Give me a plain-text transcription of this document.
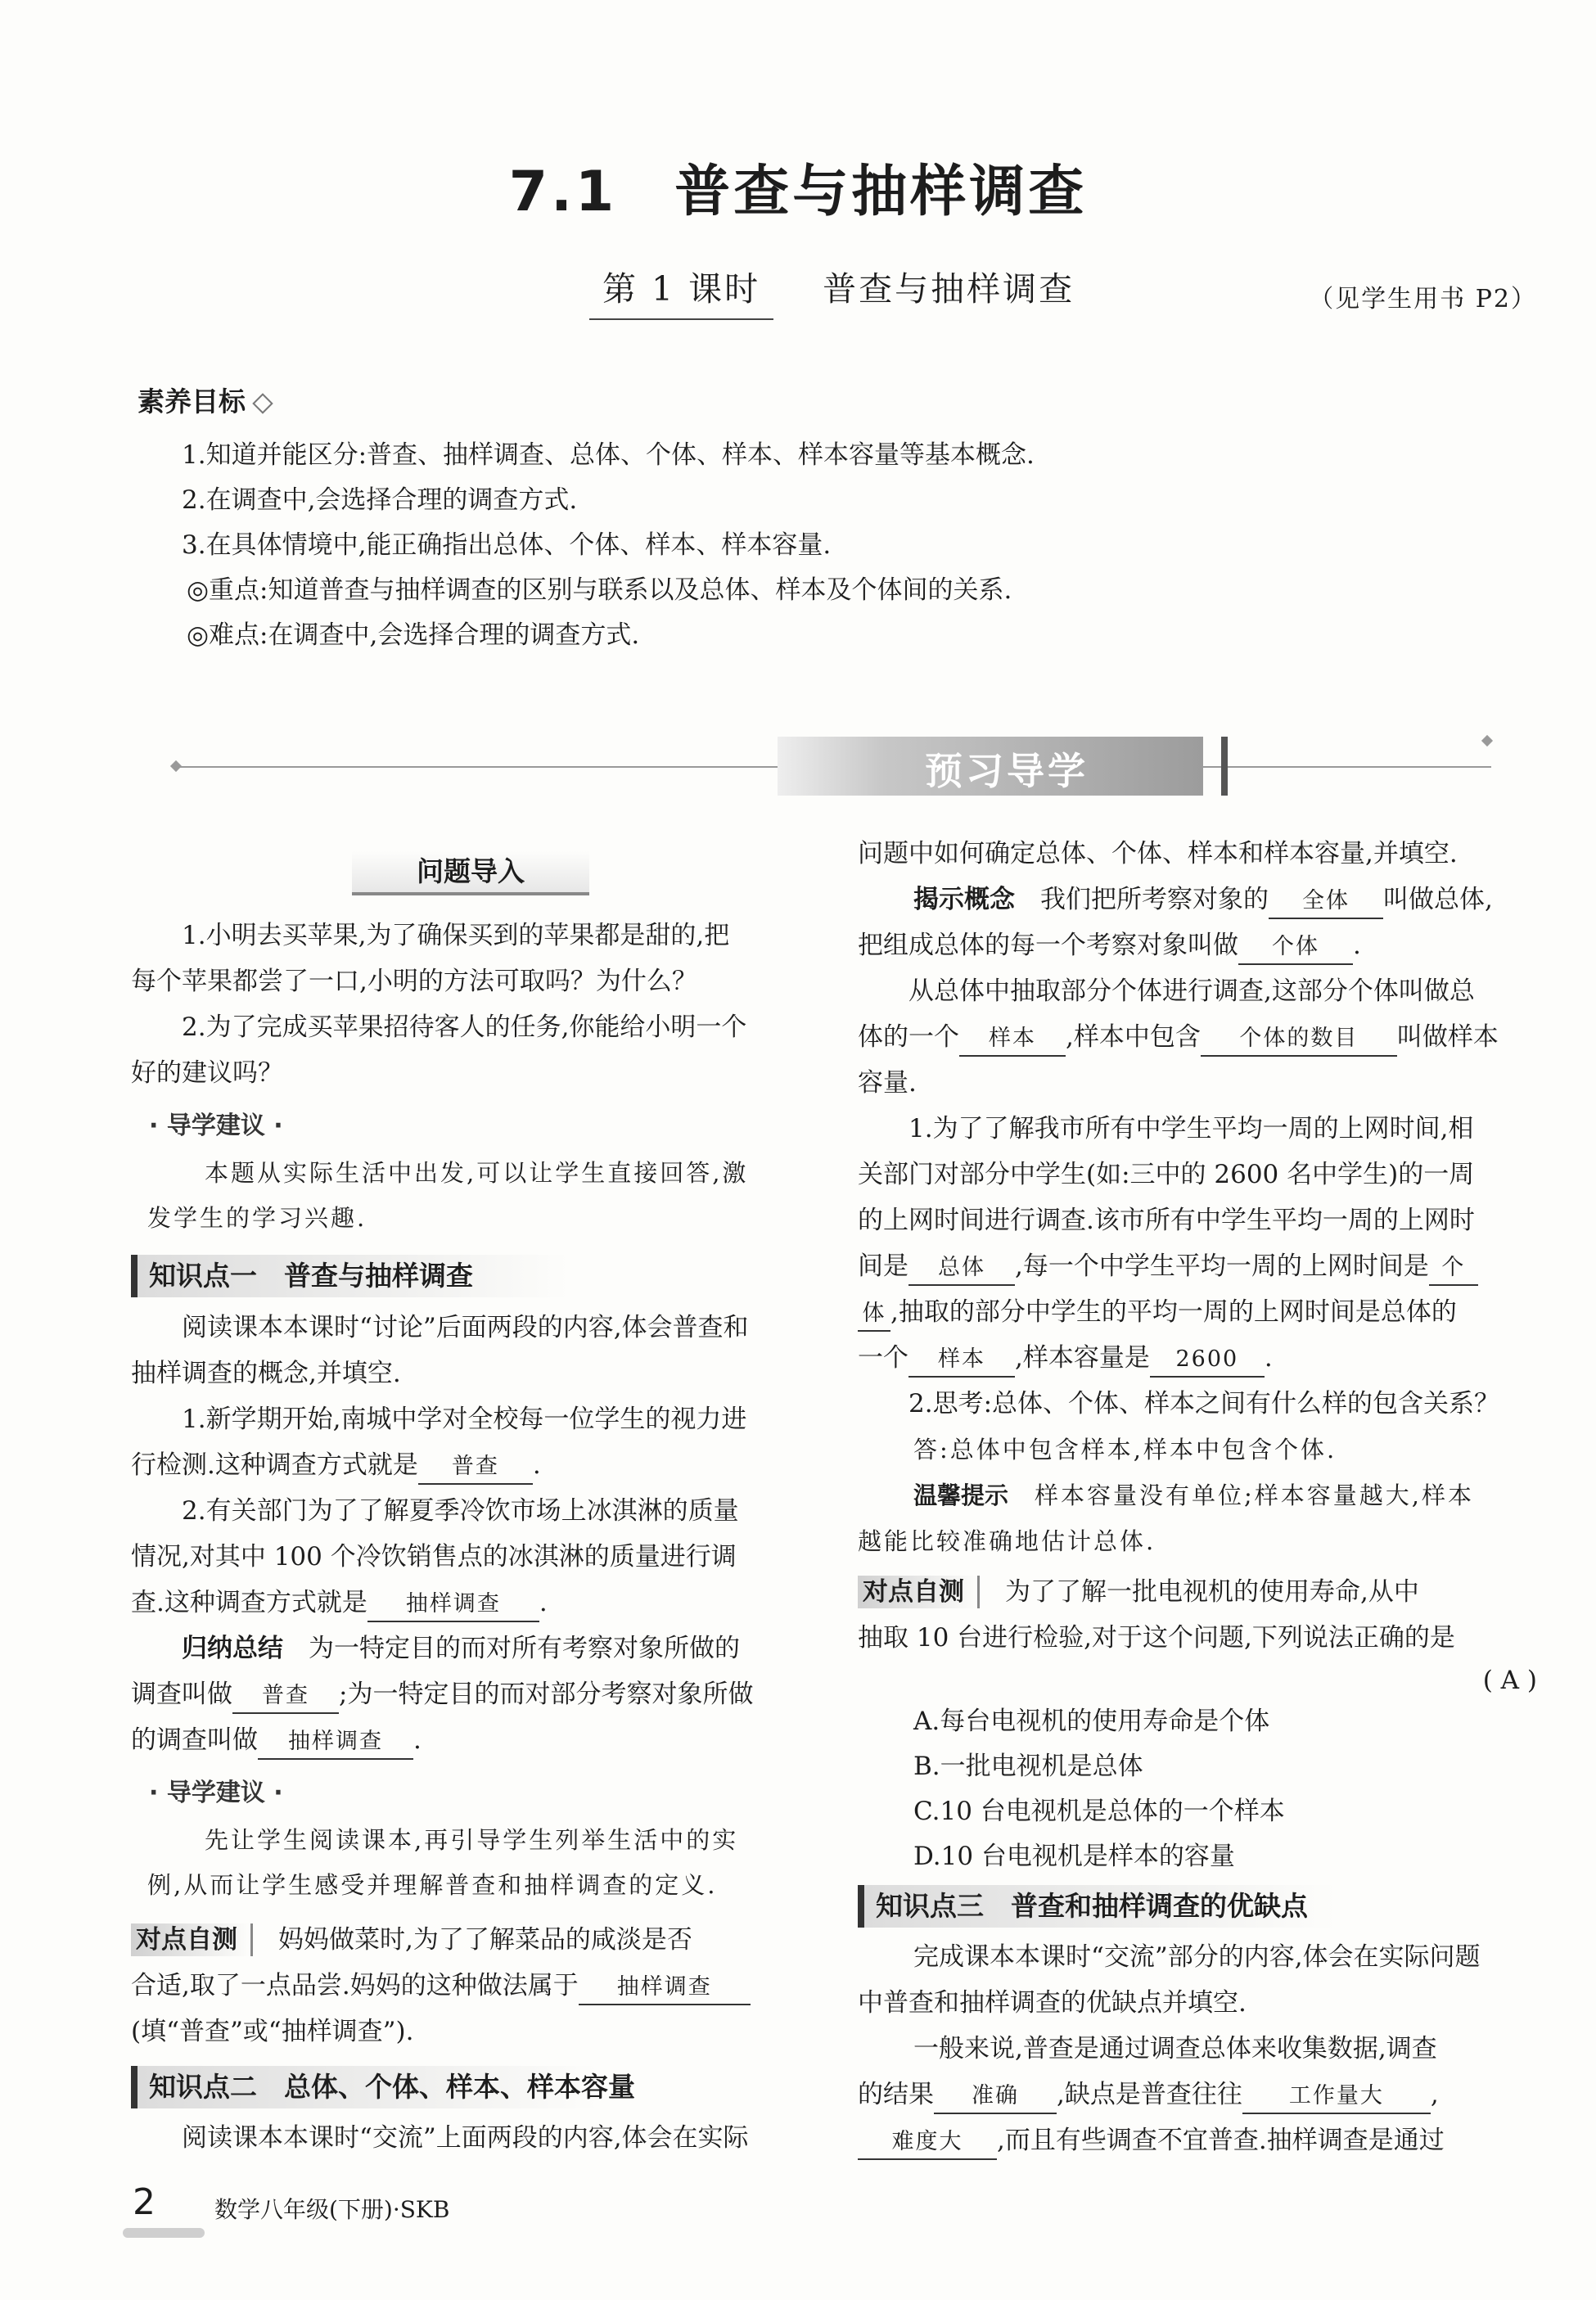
7.1 普查与抽样调查
第 1 课时 普查与抽样调查	（见学生用书 P2）
素养目标
1.知道并能区分:普查、抽样调查、总体、个体、样本、样本容量等基本概念.
2.在调查中,会选择合理的调查方式.
3.在具体情境中,能正确指出总体、个体、样本、样本容量.
◎重点:知道普查与抽样调查的区别与联系以及总体、样本及个体间的关系.
◎难点:在调查中,会选择合理的调查方式.
预习导学
问题导入
1.小明去买苹果,为了确保买到的苹果都是甜的,把
每个苹果都尝了一口,小明的方法可取吗？为什么？
2.为了完成买苹果招待客人的任务,你能给小明一个
好的建议吗？
· 导学建议 ·
本题从实际生活中出发,可以让学生直接回答,激
发学生的学习兴趣.
知识点一　普查与抽样调查
阅读课本本课时“讨论”后面两段的内容,体会普查和
抽样调查的概念,并填空.
1.新学期开始,南城中学对全校每一位学生的视力进
行检测.这种调查方式就是 普查 .
2.有关部门为了了解夏季冷饮市场上冰淇淋的质量
情况,对其中 100 个冷饮销售点的冰淇淋的质量进行调
查.这种调查方式就是 抽样调查 .
归纳总结　 为一特定目的而对所有考察对象所做的
调查叫做 普查 ;为一特定目的而对部分考察对象所做
的调查叫做 抽样调查 .
· 导学建议 ·
先让学生阅读课本,再引导学生列举生活中的实
例,从而让学生感受并理解普查和抽样调查的定义.
对点自测　 妈妈做菜时,为了了解菜品的咸淡是否
合适,取了一点品尝.妈妈的这种做法属于 抽样调查
(填“普查”或“抽样调查”).
知识点二　总体、个体、样本、样本容量
阅读课本本课时“交流”上面两段的内容,体会在实际
问题中如何确定总体、个体、样本和样本容量,并填空.
揭示概念　 我们把所考察对象的 全体 叫做总体,
把组成总体的每一个考察对象叫做 个体 .
从总体中抽取部分个体进行调查,这部分个体叫做总
体的一个 样本 ,样本中包含 个体的数目 叫做样本
容量.
1.为了了解我市所有中学生平均一周的上网时间,相
关部门对部分中学生(如:三中的 2600 名中学生)的一周
的上网时间进行调查.该市所有中学生平均一周的上网时
间是 总体 ,每一个中学生平均一周的上网时间是 个
体 ,抽取的部分中学生的平均一周的上网时间是总体的
一个 样本 ,样本容量是 2600 .
2.思考:总体、个体、样本之间有什么样的包含关系？
答:总体中包含样本,样本中包含个体.
温馨提示　 样本容量没有单位;样本容量越大,样本
越能比较准确地估计总体.
对点自测　 为了了解一批电视机的使用寿命,从中
抽取 10 台进行检验,对于这个问题,下列说法正确的是
( A )
A.每台电视机的使用寿命是个体
B.一批电视机是总体
C.10 台电视机是总体的一个样本
D.10 台电视机是样本的容量
知识点三　普查和抽样调查的优缺点
完成课本本课时“交流”部分的内容,体会在实际问题
中普查和抽样调查的优缺点并填空.
一般来说,普查是通过调查总体来收集数据,调查
的结果 准确 ,缺点是普查往往 工作量大 ,
难度大 ,而且有些调查不宜普查.抽样调查是通过
2	数学八年级(下册)·SKB
